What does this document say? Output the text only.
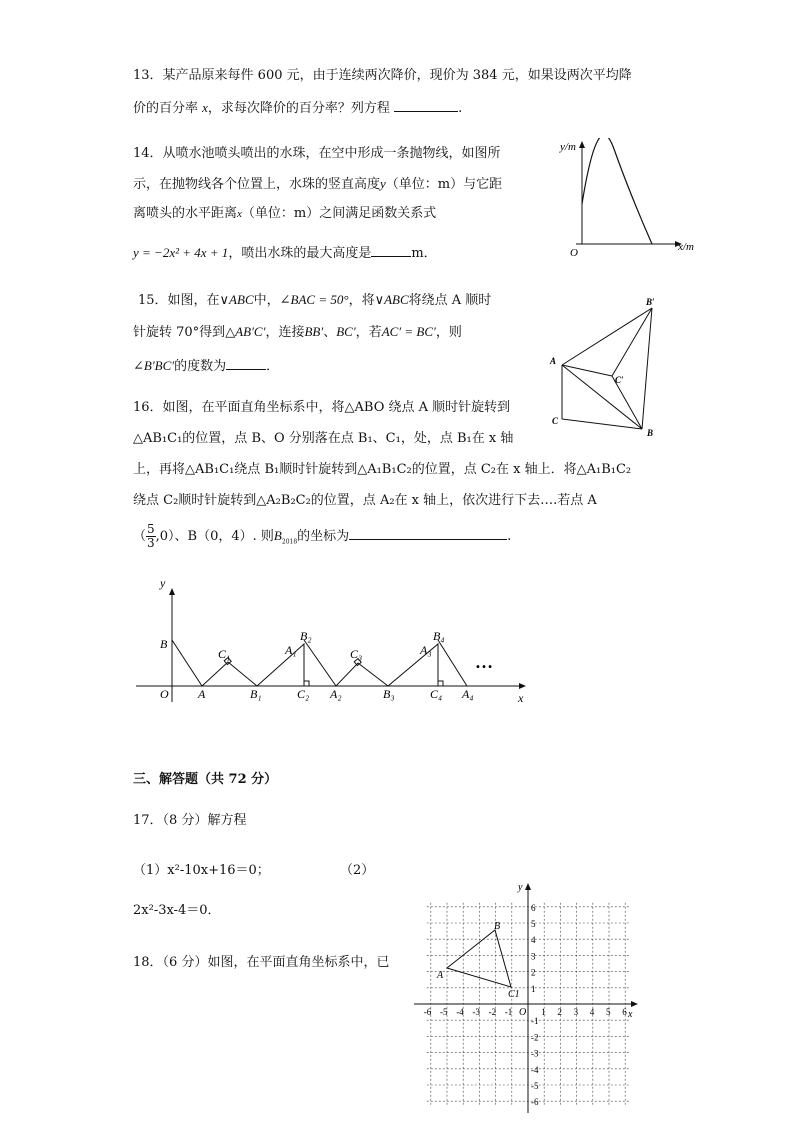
13．某产品原来每件 600 元，由于连续两次降价，现价为 384 元，如果设两次平均降
价的百分率 x，求每次降价的百分率？列方程	.
14．从喷水池喷头喷出的水珠，在空中形成一条抛物线，如图所
示，在抛物线各个位置上，水珠的竖直高度y（单位：m）与它距
离喷头的水平距离x（单位：m）之间满足函数关系式
y = −2x² + 4x + 1，喷出水珠的最大高度是	m．
y/m
x/m
O
15．如图，在∨ABC中，∠BAC = 50°，将∨ABC将绕点 A 顺时
针旋转 70°得到△AB′C′，连接BB′、BC′，若AC′ = BC′，则
∠B′BC′的度数为	．	A
B′
C′
C
B
16．如图，在平面直角坐标系中，将△ABO 绕点 A 顺时针旋转到
△AB₁C₁的位置，点 B、O 分别落在点 B₁、C₁，处，点 B₁在 x 轴
上，再将△AB₁C₁绕点 B₁顺时针旋转到△A₁B₁C₂的位置，点 C₂在 x 轴上．将△A₁B₁C₂
绕点 C₂顺时针旋转到△A₂B₂C₂的位置，点 A₂在 x 轴上，依次进行下去….若点 A
（ $\frac{5}{3} ,0$）、B（0，4）. 则$B_{2018}$的坐标为	.
y
x
O
B
A
C₁
B₁
A₁
B₂
C₂ A₂
C₃
B₃
A₃
B₄
C₄ A₄
…
三、解答题（共 72 分）
17．（8 分）解方程
（1）x²-10x+16＝0；	（2）
2x²-3x-4＝0．
18．（6 分）如图，在平面直角坐标系中，已
-6 -5 -4 -3 -2 -1	1 2 3 4 5 6
6
5
4
3
2
1
-1
-2
-3
-4
-5
-6
y
x
O
A
B
C1
